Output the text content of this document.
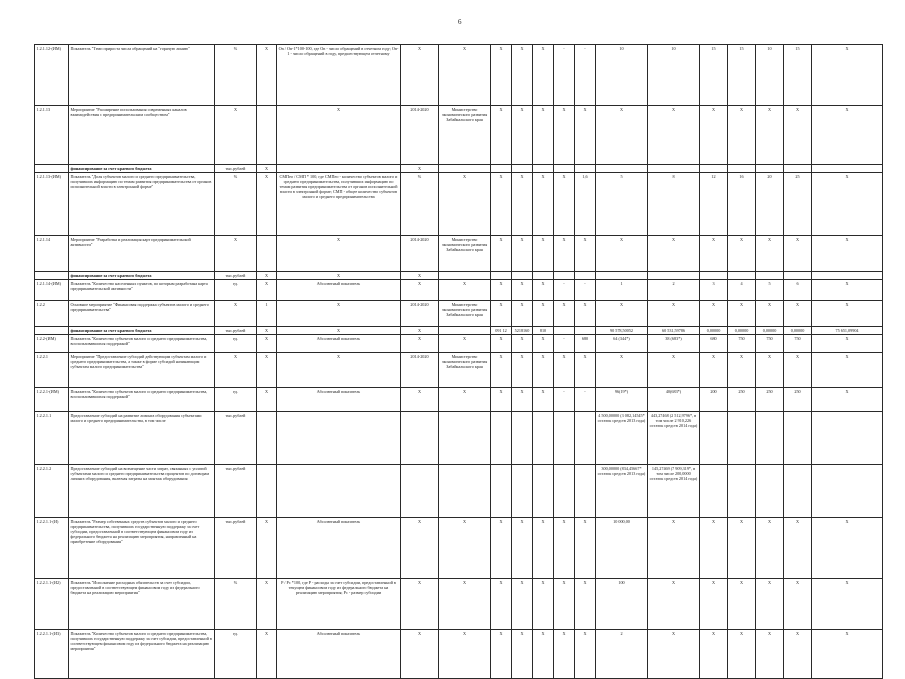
6
1.2.1.12-(ИМ)	Показатель "Темп прироста числа обращений на "горячую линию"	%	X	Оn / Оn-1*100-100, где Оn - число обращений в отчетном году; Оn-1 - число обращений в году, предшествующем отчетному	X	X	X	X	X	-	-	10	10	15	15	10	15	X
1.2.1.13	Мероприятие "Расширение использования современных каналов взаимодействия с предпринимательским сообществом"	X		X	2014-2020	Министерство экономического развития Забайкальского края	X	X	X	X	X	X	X	X	X	X	X	X
	финансирование за счет краевого бюджета	тыс.рублей	X		X													
1.2.1.13-(ИМ)	Показатель "Доля субъектов малого и среднего предпринимательства, получивших информацию по темам развития предпринимательства от органов исполнительной власти в электронной форме"	%	X	СМПео / СМП * 100, где СМПео - количество субъектов малого и среднего предпринимательства, получивших информацию по темам развития предпринимательства от органов исполнительной власти в электронной форме; СМП - общее количество субъектов малого и среднего предпринимательства	%	X	X	X	X	X	1,6	5	8	12	16	20	25	X
1.2.1.14	Мероприятие "Разработка и реализация карт предпринимательской активности"	X		X	2014-2020	Министерство экономического развития Забайкальского края	X	X	X	X	X	X	X	X	X	X	X	X
	финансирование за счет краевого бюджета	тыс.рублей	X	X	X													
1.2.1.14-(ИМ)	Показатель "Количество населенных пунктов, по которым разработана карта предпринимательской активности"	ед.	X	Абсолютный показатель	X	X	X	X	X	-	-	1	2	3	4	5	6	X
1.2.2	Основное мероприятие "Финансовая поддержка субъектов малого и среднего предпринимательства"	X	1	X	2014-2020	Министерство экономического развития Забайкальского края	X	X	X	X	X	X	X	X	X	X	X	X
	финансирование за счет краевого бюджета	тыс.рублей	X	X	X		091 12	5218160	810			90 578,50052	60 531,59786	0,00000	0,00000	0,00000	0,00000	75 651,09904
1.2.2-(ИМ)	Показатель "Количество субъектов малого и среднего предпринимательства, воспользовавшихся поддержкой"	ед.	X	Абсолютный показатель	X	X	X	X	X	-	680	64 (344*)	38 (683*)	680	750	750	750	X
1.2.2.1	Мероприятие "Предоставление субсидий действующим субъектам малого и среднего предпринимательства, а также в форме субсидий начинающим субъектам малого предпринимательства"	X	X	X	2014-2020	Министерство экономического развития Забайкальского края	X	X	X	X	X	X	X	X	X	X	X	X
1.2.2.1-(ИМ)	Показатель "Количество субъектов малого и среднего предпринимательства, воспользовавшихся поддержкой"	ед.	X	Абсолютный показатель	X	X	X	X	X	-	-	96(19*)	40(683*)	200	250	250	250	X
1.2.2.1.1	Предоставление субсидий на развитие лизинга оборудования субъектами малого и среднего предпринимательства, в том числе	тыс.рублей										4 500,00000 (3 082,14545* остаток средств 2013 года)	443,27468 (2 512,9796*, в том числе 2 910,226 остаток средств 2014 года)					
1.2.2.1.2	Предоставление субсидий на возмещение части затрат, связанных с уплатой субъектами малого и среднего предпринимательства процентов по договорам лизинга оборудования, включая затраты на монтаж оборудования	тыс.рублей										300,00000 (834,45667* остаток средств 2013 года)	145,27469 (7 909,319*, в том числе 200,0000 остаток средств 2014 года)					
1.2.2.1.1-(И)	Показатель "Размер собственных средств субъектов малого и среднего предпринимательства, получивших государственную поддержку за счет субсидии, предоставленной в соответствующем финансовом году из федерального бюджета на реализацию мероприятия, направленный на приобретение оборудования"	тыс.рублей	X	Абсолютный показатель	X	X	X	X	X	X	X	10 000,00	X	X	X	X	X	X
1.2.2.1.1-(И2)	Показатель "Исполнение расходных обязательств за счет субсидии, предоставленной в соответствующем финансовом году из федерального бюджета на реализацию мероприятия"	%	X	P / Pc *100, где P - расходы за счет субсидии, предоставленной в текущем финансовом году из федерального бюджета на реализацию мероприятия; Pc - размер субсидии	X	X	X	X	X	X	X	100	X	X	X	X	X	X
1.2.2.1.1-(И3)	Показатель "Количество субъектов малого и среднего предпринимательства, получивших государственную поддержку за счет субсидии, предоставленной в соответствующем финансовом году из федерального бюджета на реализацию мероприятия"	ед.	X	Абсолютный показатель	X	X	X	X	X	X	X	2	X	X	X	X	X	X
